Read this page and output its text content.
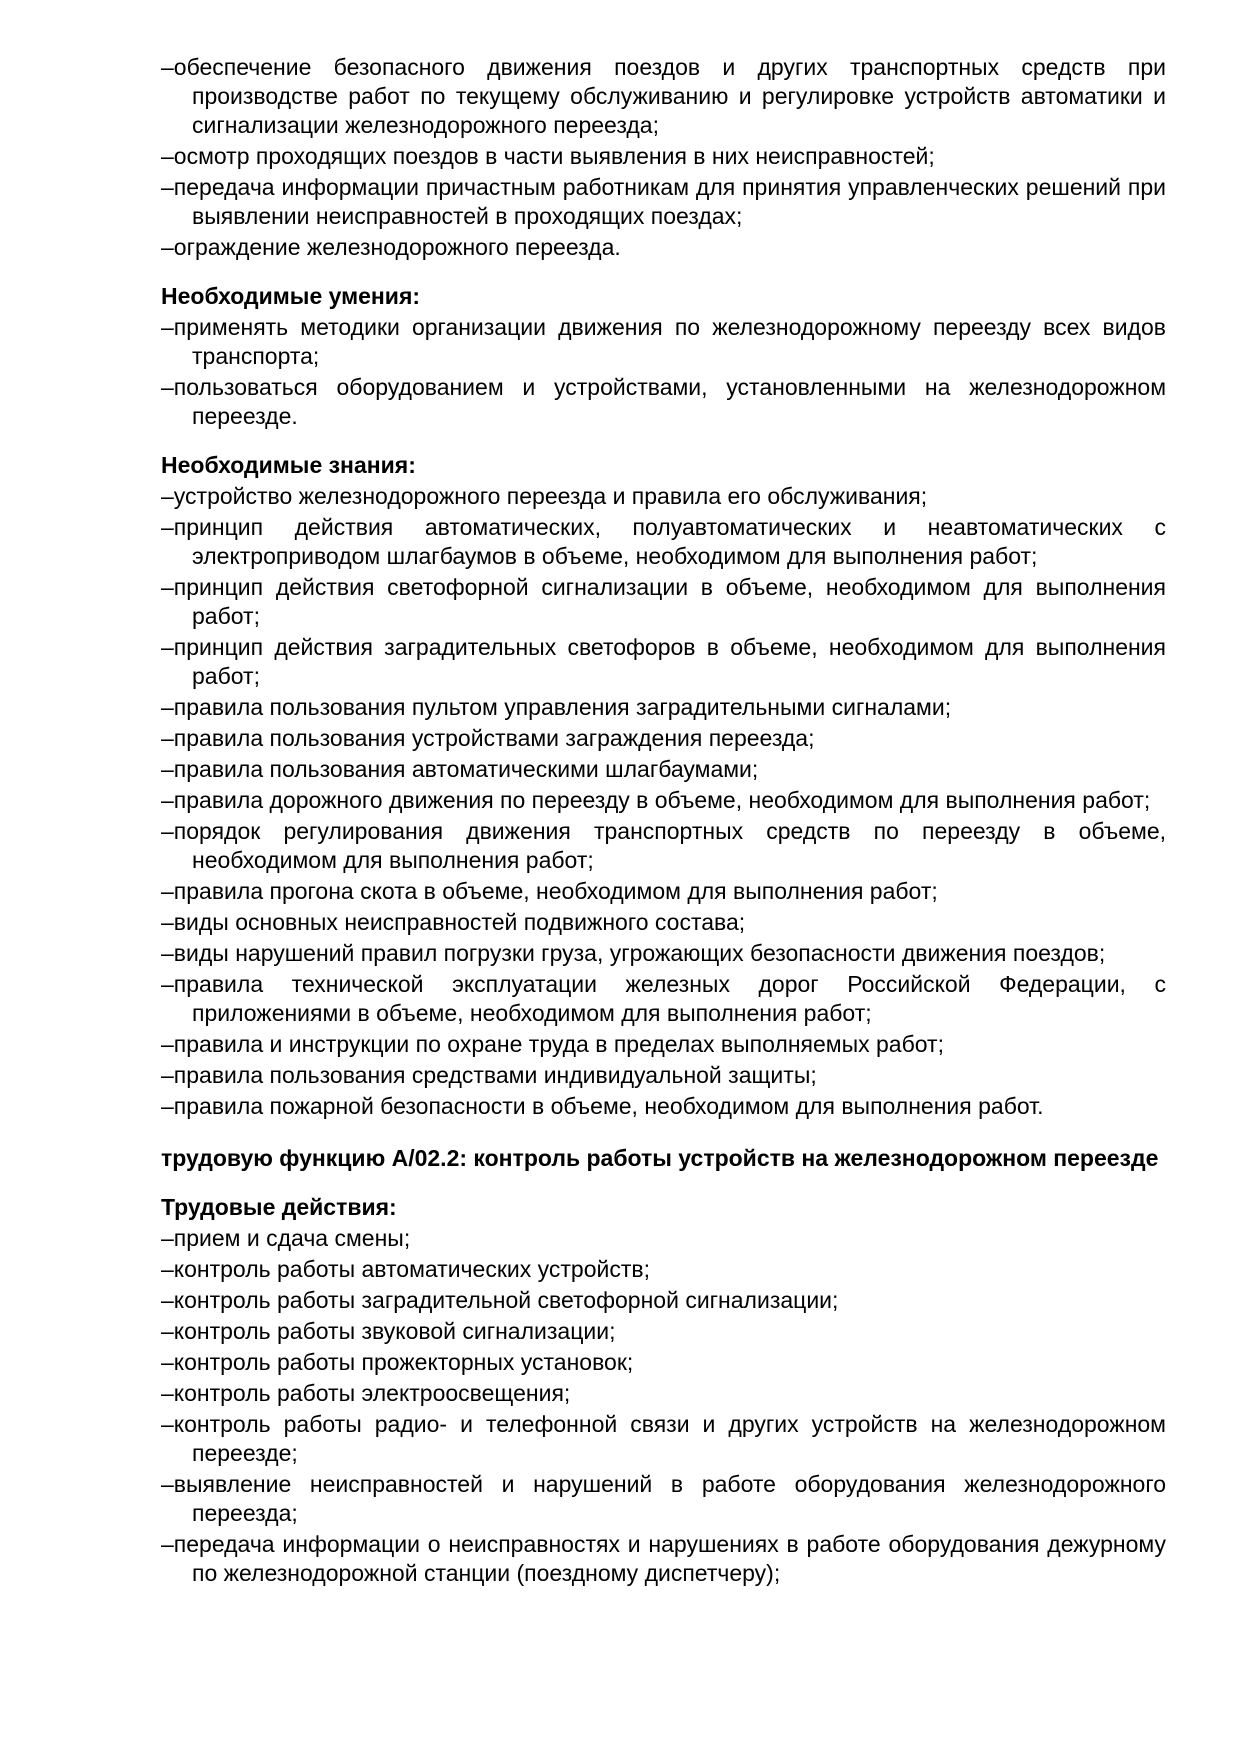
–обеспечение безопасного движения поездов и других транспортных средств при производстве работ по текущему обслуживанию и регулировке устройств автоматики и сигнализации железнодорожного переезда;

–осмотр проходящих поездов в части выявления в них неисправностей;

–передача информации причастным работникам для принятия управленческих решений при выявлении неисправностей в проходящих поездах;

–ограждение железнодорожного переезда.

Необходимые умения:

–применять методики организации движения по железнодорожному переезду всех видов транспорта;

–пользоваться оборудованием и устройствами, установленными на железнодорожном переезде.

Необходимые знания:

–устройство железнодорожного переезда и правила его обслуживания;

–принцип действия автоматических, полуавтоматических и неавтоматических с электроприводом шлагбаумов в объеме, необходимом для выполнения работ;

–принцип действия светофорной сигнализации в объеме, необходимом для выполнения работ;

–принцип действия заградительных светофоров в объеме, необходимом для выполнения работ;

–правила пользования пультом управления заградительными сигналами;

–правила пользования устройствами заграждения переезда;

–правила пользования автоматическими шлагбаумами;

–правила дорожного движения по переезду в объеме, необходимом для выполнения работ;

–порядок регулирования движения транспортных средств по переезду в объеме, необходимом для выполнения работ;

–правила прогона скота в объеме, необходимом для выполнения работ;

–виды основных неисправностей подвижного состава;

–виды нарушений правил погрузки груза, угрожающих безопасности движения поездов;

–правила технической эксплуатации железных дорог Российской Федерации, с приложениями в объеме, необходимом для выполнения работ;

–правила и инструкции по охране труда в пределах выполняемых работ;

–правила пользования средствами индивидуальной защиты;

–правила пожарной безопасности в объеме, необходимом для выполнения работ.

трудовую функцию А/02.2: контроль работы устройств на железнодорожном переезде

Трудовые действия:

–прием и сдача смены;

–контроль работы автоматических устройств;

–контроль работы заградительной светофорной сигнализации;

–контроль работы звуковой сигнализации;

–контроль работы прожекторных установок;

–контроль работы электроосвещения;

–контроль работы радио- и телефонной связи и других устройств на железнодорожном переезде;

–выявление неисправностей и нарушений в работе оборудования железнодорожного переезда;

–передача информации о неисправностях и нарушениях в работе оборудования дежурному по железнодорожной станции (поездному диспетчеру);
